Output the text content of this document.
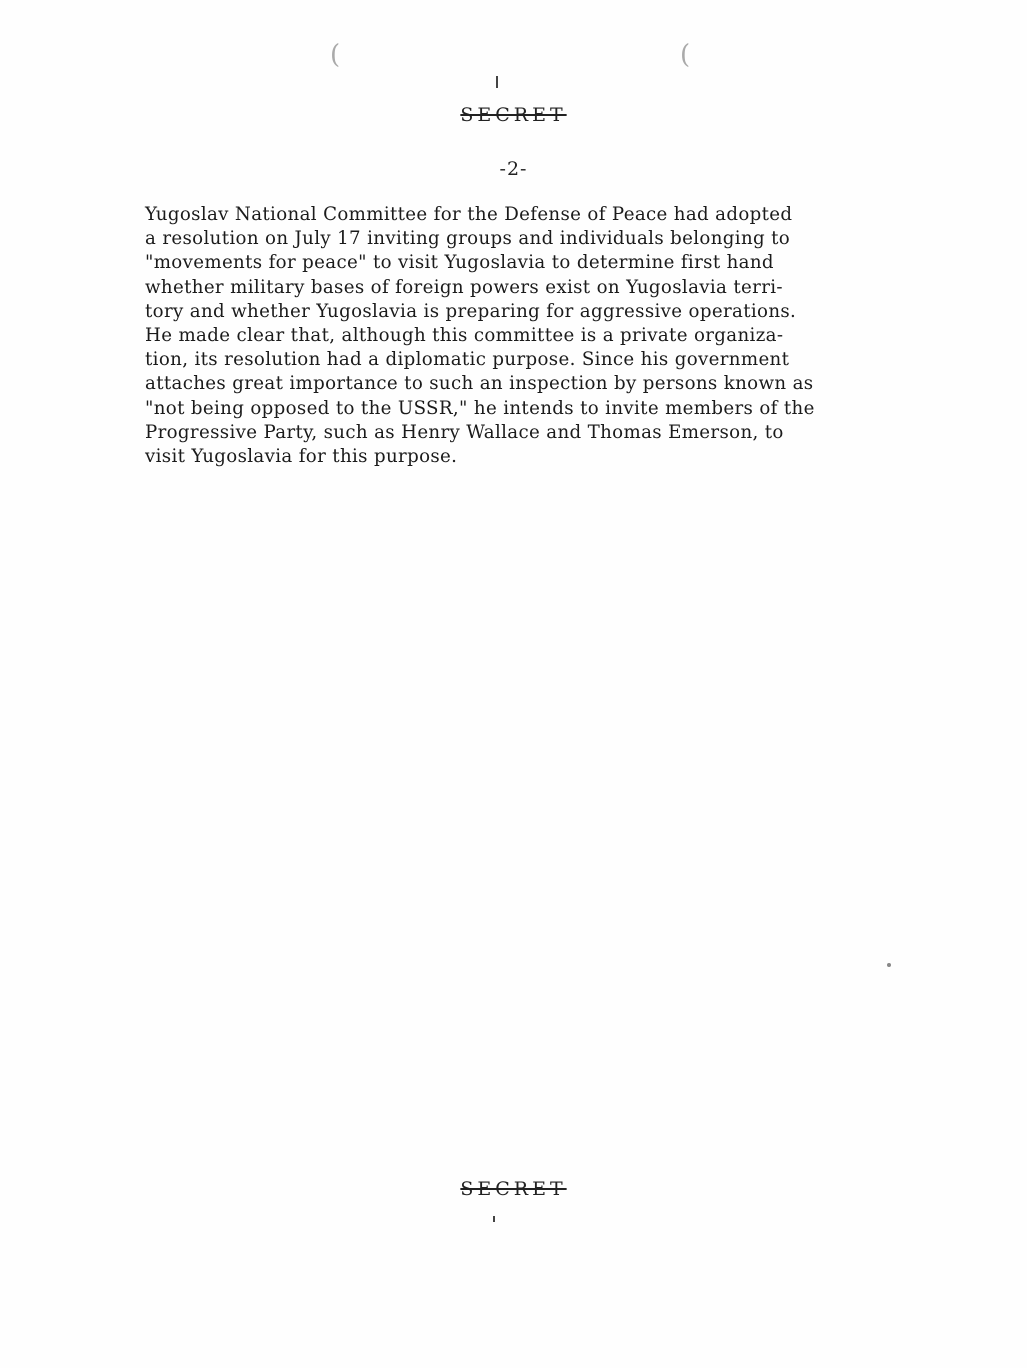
(	(
SECRET
-2-
Yugoslav National Committee for the Defense of Peace had adopted
a resolution on July 17 inviting groups and individuals belonging to
"movements for peace" to visit Yugoslavia to determine first hand
whether military bases of foreign powers exist on Yugoslavia terri-
tory and whether Yugoslavia is preparing for aggressive operations.
He made clear that, although this committee is a private organiza-
tion, its resolution had a diplomatic purpose. Since his government
attaches great importance to such an inspection by persons known as
"not being opposed to the USSR," he intends to invite members of the
Progressive Party, such as Henry Wallace and Thomas Emerson, to
visit Yugoslavia for this purpose.
SECRET
